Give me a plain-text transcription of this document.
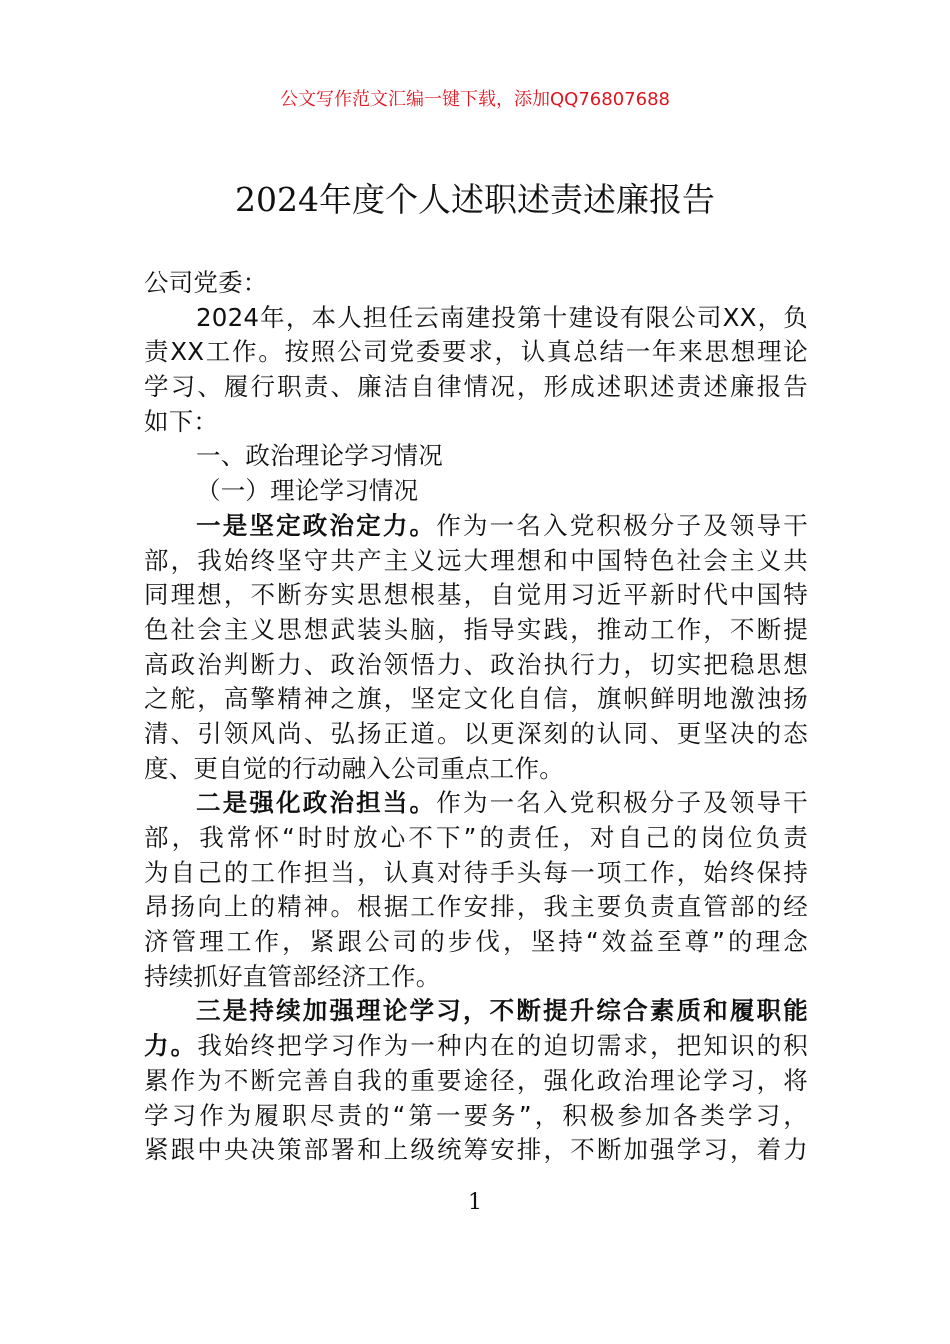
公文写作范文汇编一键下载，添加QQ76807688
2024年度个人述职述责述廉报告
公司党委：
2024年，本人担任云南建投第十建设有限公司XX，负
责XX工作。按照公司党委要求，认真总结一年来思想理论
学习、履行职责、廉洁自律情况，形成述职述责述廉报告
如下：
一、政治理论学习情况
（一）理论学习情况
一是坚定政治定力。作为一名入党积极分子及领导干
部，我始终坚守共产主义远大理想和中国特色社会主义共
同理想，不断夯实思想根基，自觉用习近平新时代中国特
色社会主义思想武装头脑，指导实践，推动工作，不断提
高政治判断力、政治领悟力、政治执行力，切实把稳思想
之舵，高擎精神之旗，坚定文化自信，旗帜鲜明地激浊扬
清、引领风尚、弘扬正道。以更深刻的认同、更坚决的态
度、更自觉的行动融入公司重点工作。
二是强化政治担当。作为一名入党积极分子及领导干
部，我常怀“时时放心不下”的责任，对自己的岗位负责
为自己的工作担当，认真对待手头每一项工作，始终保持
昂扬向上的精神。根据工作安排，我主要负责直管部的经
济管理工作，紧跟公司的步伐，坚持“效益至尊”的理念
持续抓好直管部经济工作。
三是持续加强理论学习，不断提升综合素质和履职能
力。我始终把学习作为一种内在的迫切需求，把知识的积
累作为不断完善自我的重要途径，强化政治理论学习，将
学习作为履职尽责的“第一要务”，积极参加各类学习，
紧跟中央决策部署和上级统筹安排，不断加强学习，着力
1
